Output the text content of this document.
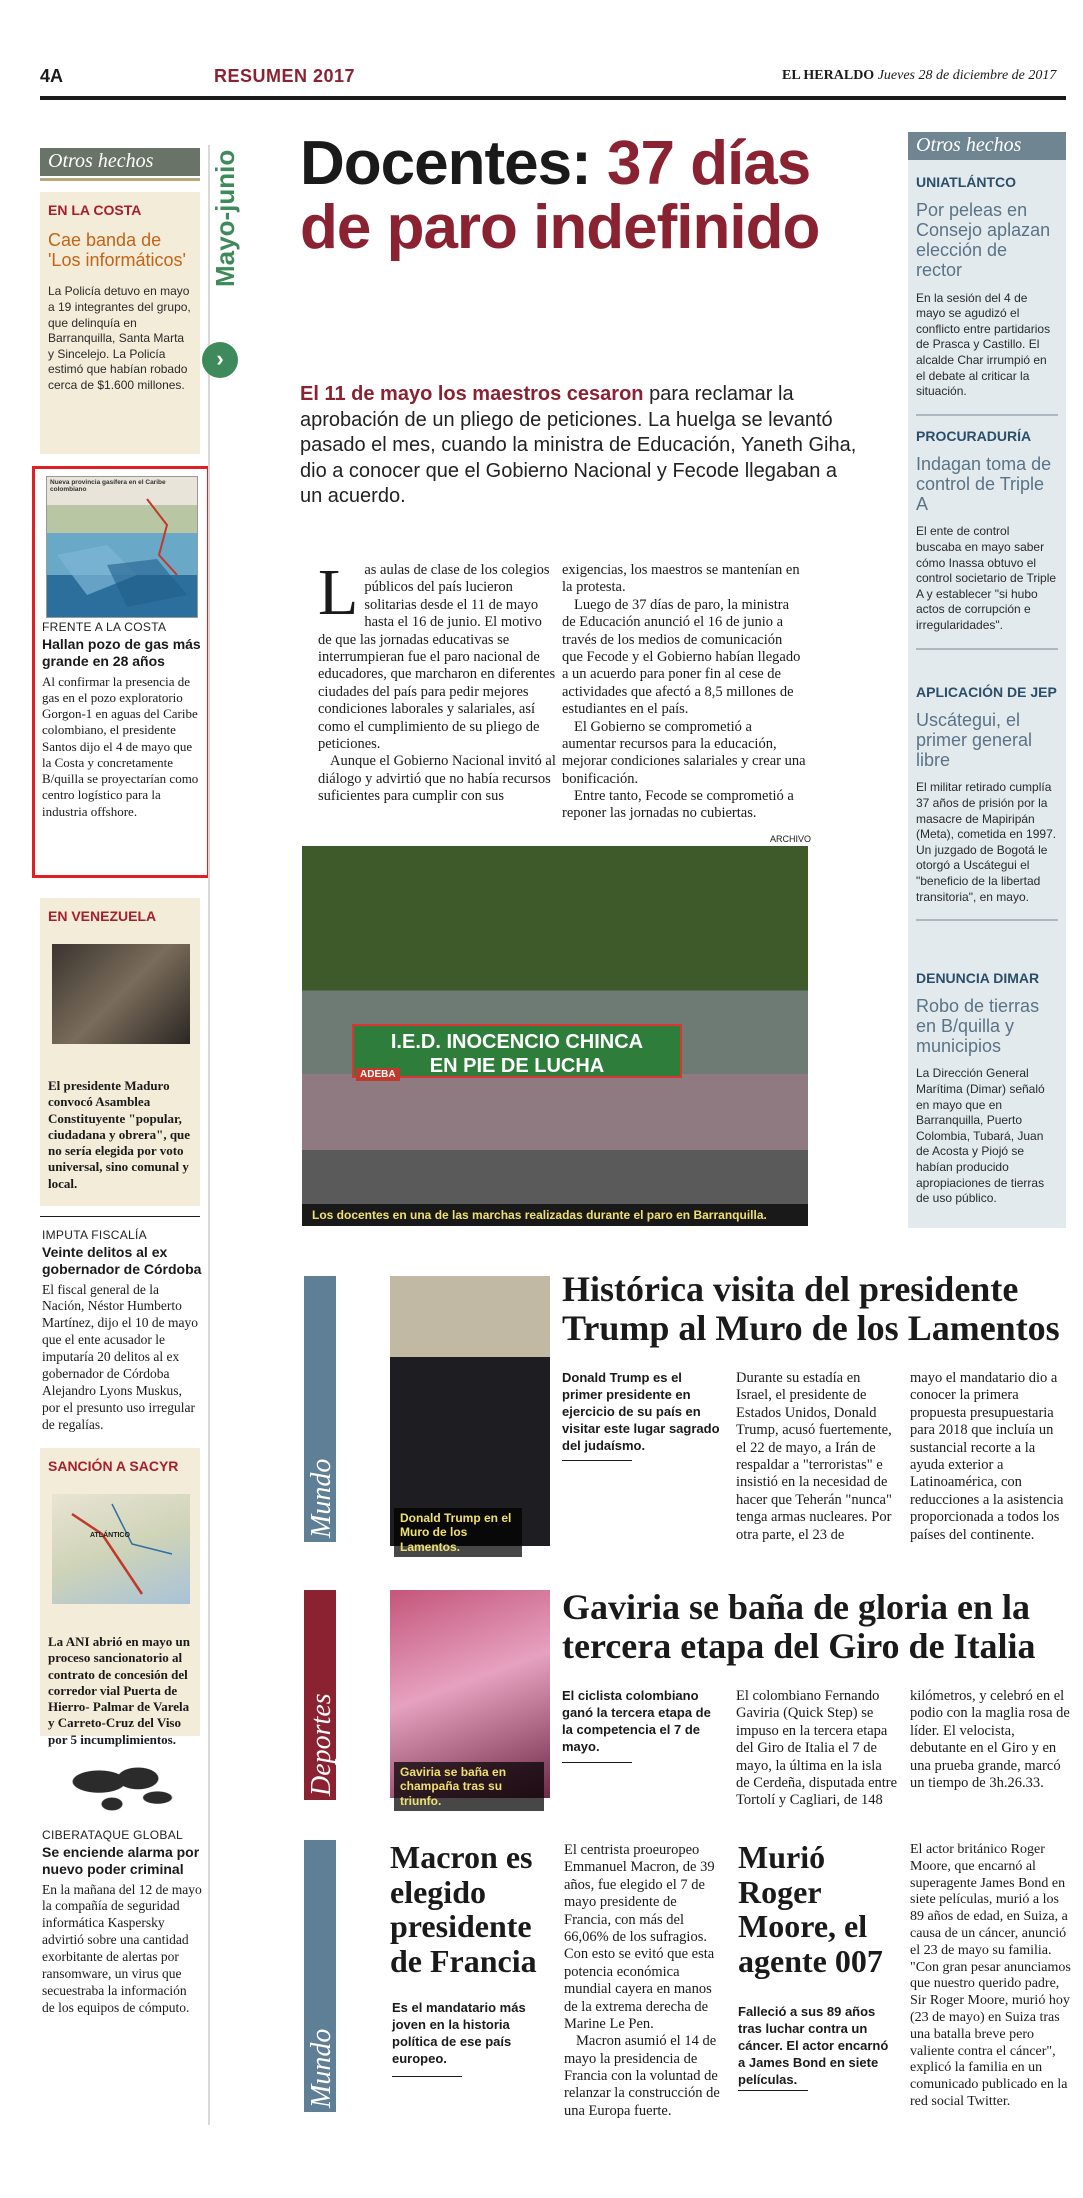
4A	RESUMEN 2017	EL HERALDO Jueves 28 de diciembre de 2017
Otros hechos
EN LA COSTA
Cae banda de 'Los informáticos'
La Policía detuvo en mayo a 19 integrantes del grupo, que delinquía en Barranquilla, Santa Marta y Sincelejo. La Policía estimó que habían robado cerca de $1.600 millones.
Nueva provincia gasífera en el Caribe colombiano
FRENTE A LA COSTA
Hallan pozo de gas más grande en 28 años
Al confirmar la presencia de gas en el pozo exploratorio Gorgon-1 en aguas del Caribe colombiano, el presidente Santos dijo el 4 de mayo que la Costa y concretamente B/quilla se proyectarían como centro logístico para la industria offshore.
EN VENEZUELA
El presidente Maduro convocó Asamblea Constituyente "popular, ciudadana y obrera", que no sería elegida por voto universal, sino comunal y local.
IMPUTA FISCALÍA
Veinte delitos al ex gobernador de Córdoba
El fiscal general de la Nación, Néstor Humberto Martínez, dijo el 10 de mayo que el ente acusador le imputaría 20 delitos al ex gobernador de Córdoba Alejandro Lyons Muskus, por el presunto uso irregular de regalías.
SANCIÓN A SACYR
La ANI abrió en mayo un proceso sancionatorio al contrato de concesión del corredor vial Puerta de Hierro- Palmar de Varela y Carreto-Cruz del Viso por 5 incumplimientos.
ATLÁNTICO
CIBERATAQUE GLOBAL
Se enciende alarma por nuevo poder criminal
En la mañana del 12 de mayo la compañía de seguridad informática Kaspersky advirtió sobre una cantidad exorbitante de alertas por ransomware, un virus que secuestraba la información de los equipos de cómputo.
Mayo-junio
›
Docentes: 37 días de paro indefinido
El 11 de mayo los maestros cesaron para reclamar la aprobación de un pliego de peticiones. La huelga se levantó pasado el mes, cuando la ministra de Educación, Yaneth Giha, dio a conocer que el Gobierno Nacional y Fecode llegaban a un acuerdo.
L as aulas de clase de los colegios públicos del país lucieron solitarias desde el 11 de mayo hasta el 16 de junio. El motivo de que las jornadas educativas se interrumpieran fue el paro nacional de educadores, que marcharon en diferentes ciudades del país para pedir mejores condiciones laborales y salariales, así como el cumplimiento de su pliego de peticiones.
Aunque el Gobierno Nacional invitó al diálogo y advirtió que no había recursos suficientes para cumplir con sus
exigencias, los maestros se mantenían en la protesta.
Luego de 37 días de paro, la ministra de Educación anunció el 16 de junio a través de los medios de comunicación que Fecode y el Gobierno habían llegado a un acuerdo para poner fin al cese de actividades que afectó a 8,5 millones de estudiantes en el país.
El Gobierno se comprometió a aumentar recursos para la educación, mejorar condiciones salariales y crear una bonificación.
Entre tanto, Fecode se comprometió a reponer las jornadas no cubiertas.
ARCHIVO
I.E.D. INOCENCIO CHINCA
EN PIE DE LUCHA
ADEBA
Los docentes en una de las marchas realizadas durante el paro en Barranquilla.
Otros hechos
UNIATLÁNTCO
Por peleas en Consejo aplazan elección de rector
En la sesión del 4 de mayo se agudizó el conflicto entre partidarios de Prasca y Castillo. El alcalde Char irrumpió en el debate al criticar la situación.
PROCURADURÍA
Indagan toma de control de Triple A
El ente de control buscaba en mayo saber cómo Inassa obtuvo el control societario de Triple A y establecer "si hubo actos de corrupción e irregularidades".
APLICACIÓN DE JEP
Uscátegui, el primer general libre
El militar retirado cumplía 37 años de prisión por la masacre de Mapiripán (Meta), cometida en 1997. Un juzgado de Bogotá le otorgó a Uscátegui el "beneficio de la libertad transitoria", en mayo.
DENUNCIA DIMAR
Robo de tierras en B/quilla y municipios
La Dirección General Marítima (Dimar) señaló en mayo que en Barranquilla, Puerto Colombia, Tubará, Juan de Acosta y Piojó se habían producido apropiaciones de tierras de uso público.
Mundo	Donald Trump en el Muro de los Lamentos.
Histórica visita del presidente Trump al Muro de los Lamentos
Donald Trump es el primer presidente en ejercicio de su país en visitar este lugar sagrado del judaísmo.
Durante su estadía en Israel, el presidente de Estados Unidos, Donald Trump, acusó fuertemente, el 22 de mayo, a Irán de respaldar a "terroristas" e insistió en la necesidad de hacer que Teherán "nunca" tenga armas nucleares. Por otra parte, el 23 de
mayo el mandatario dio a conocer la primera propuesta presupuestaria para 2018 que incluía un sustancial recorte a la ayuda exterior a Latinoamérica, con reducciones a la asistencia proporcionada a todos los países del continente.
Deportes	Gaviria se baña en champaña tras su triunfo.
Gaviria se baña de gloria en la tercera etapa del Giro de Italia
El ciclista colombiano ganó la tercera etapa de la competencia el 7 de mayo.
El colombiano Fernando Gaviria (Quick Step) se impuso en la tercera etapa del Giro de Italia el 7 de mayo, la última en la isla de Cerdeña, disputada entre Tortolí y Cagliari, de 148
kilómetros, y celebró en el podio con la maglia rosa de líder. El velocista, debutante en el Giro y en una prueba grande, marcó un tiempo de 3h.26.33.
Mundo
Macron es elegido presidente de Francia
Es el mandatario más joven en la historia política de ese país europeo.
El centrista proeuropeo Emmanuel Macron, de 39 años, fue elegido el 7 de mayo presidente de Francia, con más del 66,06% de los sufragios. Con esto se evitó que esta potencia económica mundial cayera en manos de la extrema derecha de Marine Le Pen.
Macron asumió el 14 de mayo la presidencia de Francia con la voluntad de relanzar la construcción de una Europa fuerte.
Murió Roger Moore, el agente 007
Falleció a sus 89 años tras luchar contra un cáncer. El actor encarnó a James Bond en siete películas.
El actor británico Roger Moore, que encarnó al superagente James Bond en siete películas, murió a los 89 años de edad, en Suiza, a causa de un cáncer, anunció el 23 de mayo su familia. "Con gran pesar anunciamos que nuestro querido padre, Sir Roger Moore, murió hoy (23 de mayo) en Suiza tras una batalla breve pero valiente contra el cáncer", explicó la familia en un comunicado publicado en la red social Twitter.
